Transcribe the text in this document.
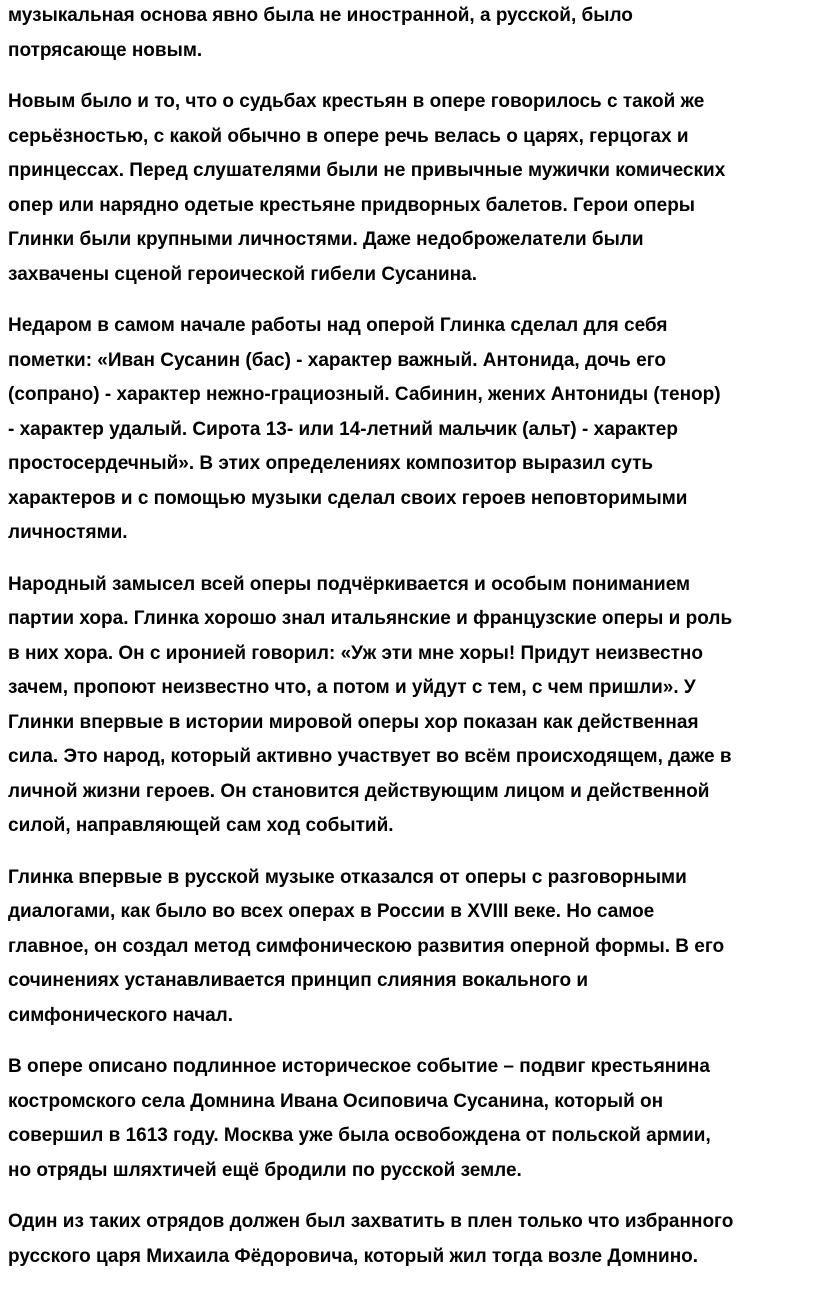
музыкальная основа явно была не иностранной, а русской, было
потрясающе новым.

Новым было и то, что о судьбах крестьян в опере говорилось с такой же
серьёзностью, с какой обычно в опере речь велась о царях, герцогах и
принцессах. Перед слушателями были не привычные мужички комических
опер или нарядно одетые крестьяне придворных балетов. Герои оперы
Глинки были крупными личностями. Даже недоброжелатели были
захвачены сценой героической гибели Сусанина.

Недаром в самом начале работы над оперой Глинка сделал для себя
пометки: «Иван Сусанин (бас) - характер важный. Антонида, дочь его
(сопрано) - характер нежно-грациозный. Сабинин, жених Антониды (тенор)
- характер удалый. Сирота 13- или 14-летний мальчик (альт) - характер
простосердечный». В этих определениях композитор выразил суть
характеров и с помощью музыки сделал своих героев неповторимыми
личностями.

Народный замысел всей оперы подчёркивается и особым пониманием
партии хора. Глинка хорошо знал итальянские и французские оперы и роль
в них хора. Он с иронией говорил: «Уж эти мне хоры! Придут неизвестно
зачем, пропоют неизвестно что, а потом и уйдут с тем, с чем пришли». У
Глинки впервые в истории мировой оперы хор показан как действенная
сила. Это народ, который активно участвует во всём происходящем, даже в
личной жизни героев. Он становится действующим лицом и действенной
силой, направляющей сам ход событий.

Глинка впервые в русской музыке отказался от оперы с разговорными
диалогами, как было во всех операх в России в XVIII веке. Но самое
главное, он создал метод симфоническою развития оперной формы. В его
сочинениях устанавливается принцип слияния вокального и
симфонического начал.

В опере описано подлинное историческое событие – подвиг крестьянина
костромского села Домнина Ивана Осиповича Сусанина, который он
совершил в 1613 году. Москва уже была освобождена от польской армии,
но отряды шляхтичей ещё бродили по русской земле.

Один из таких отрядов должен был захватить в плен только что избранного
русского царя Михаила Фёдоровича, который жил тогда возле Домнино.
